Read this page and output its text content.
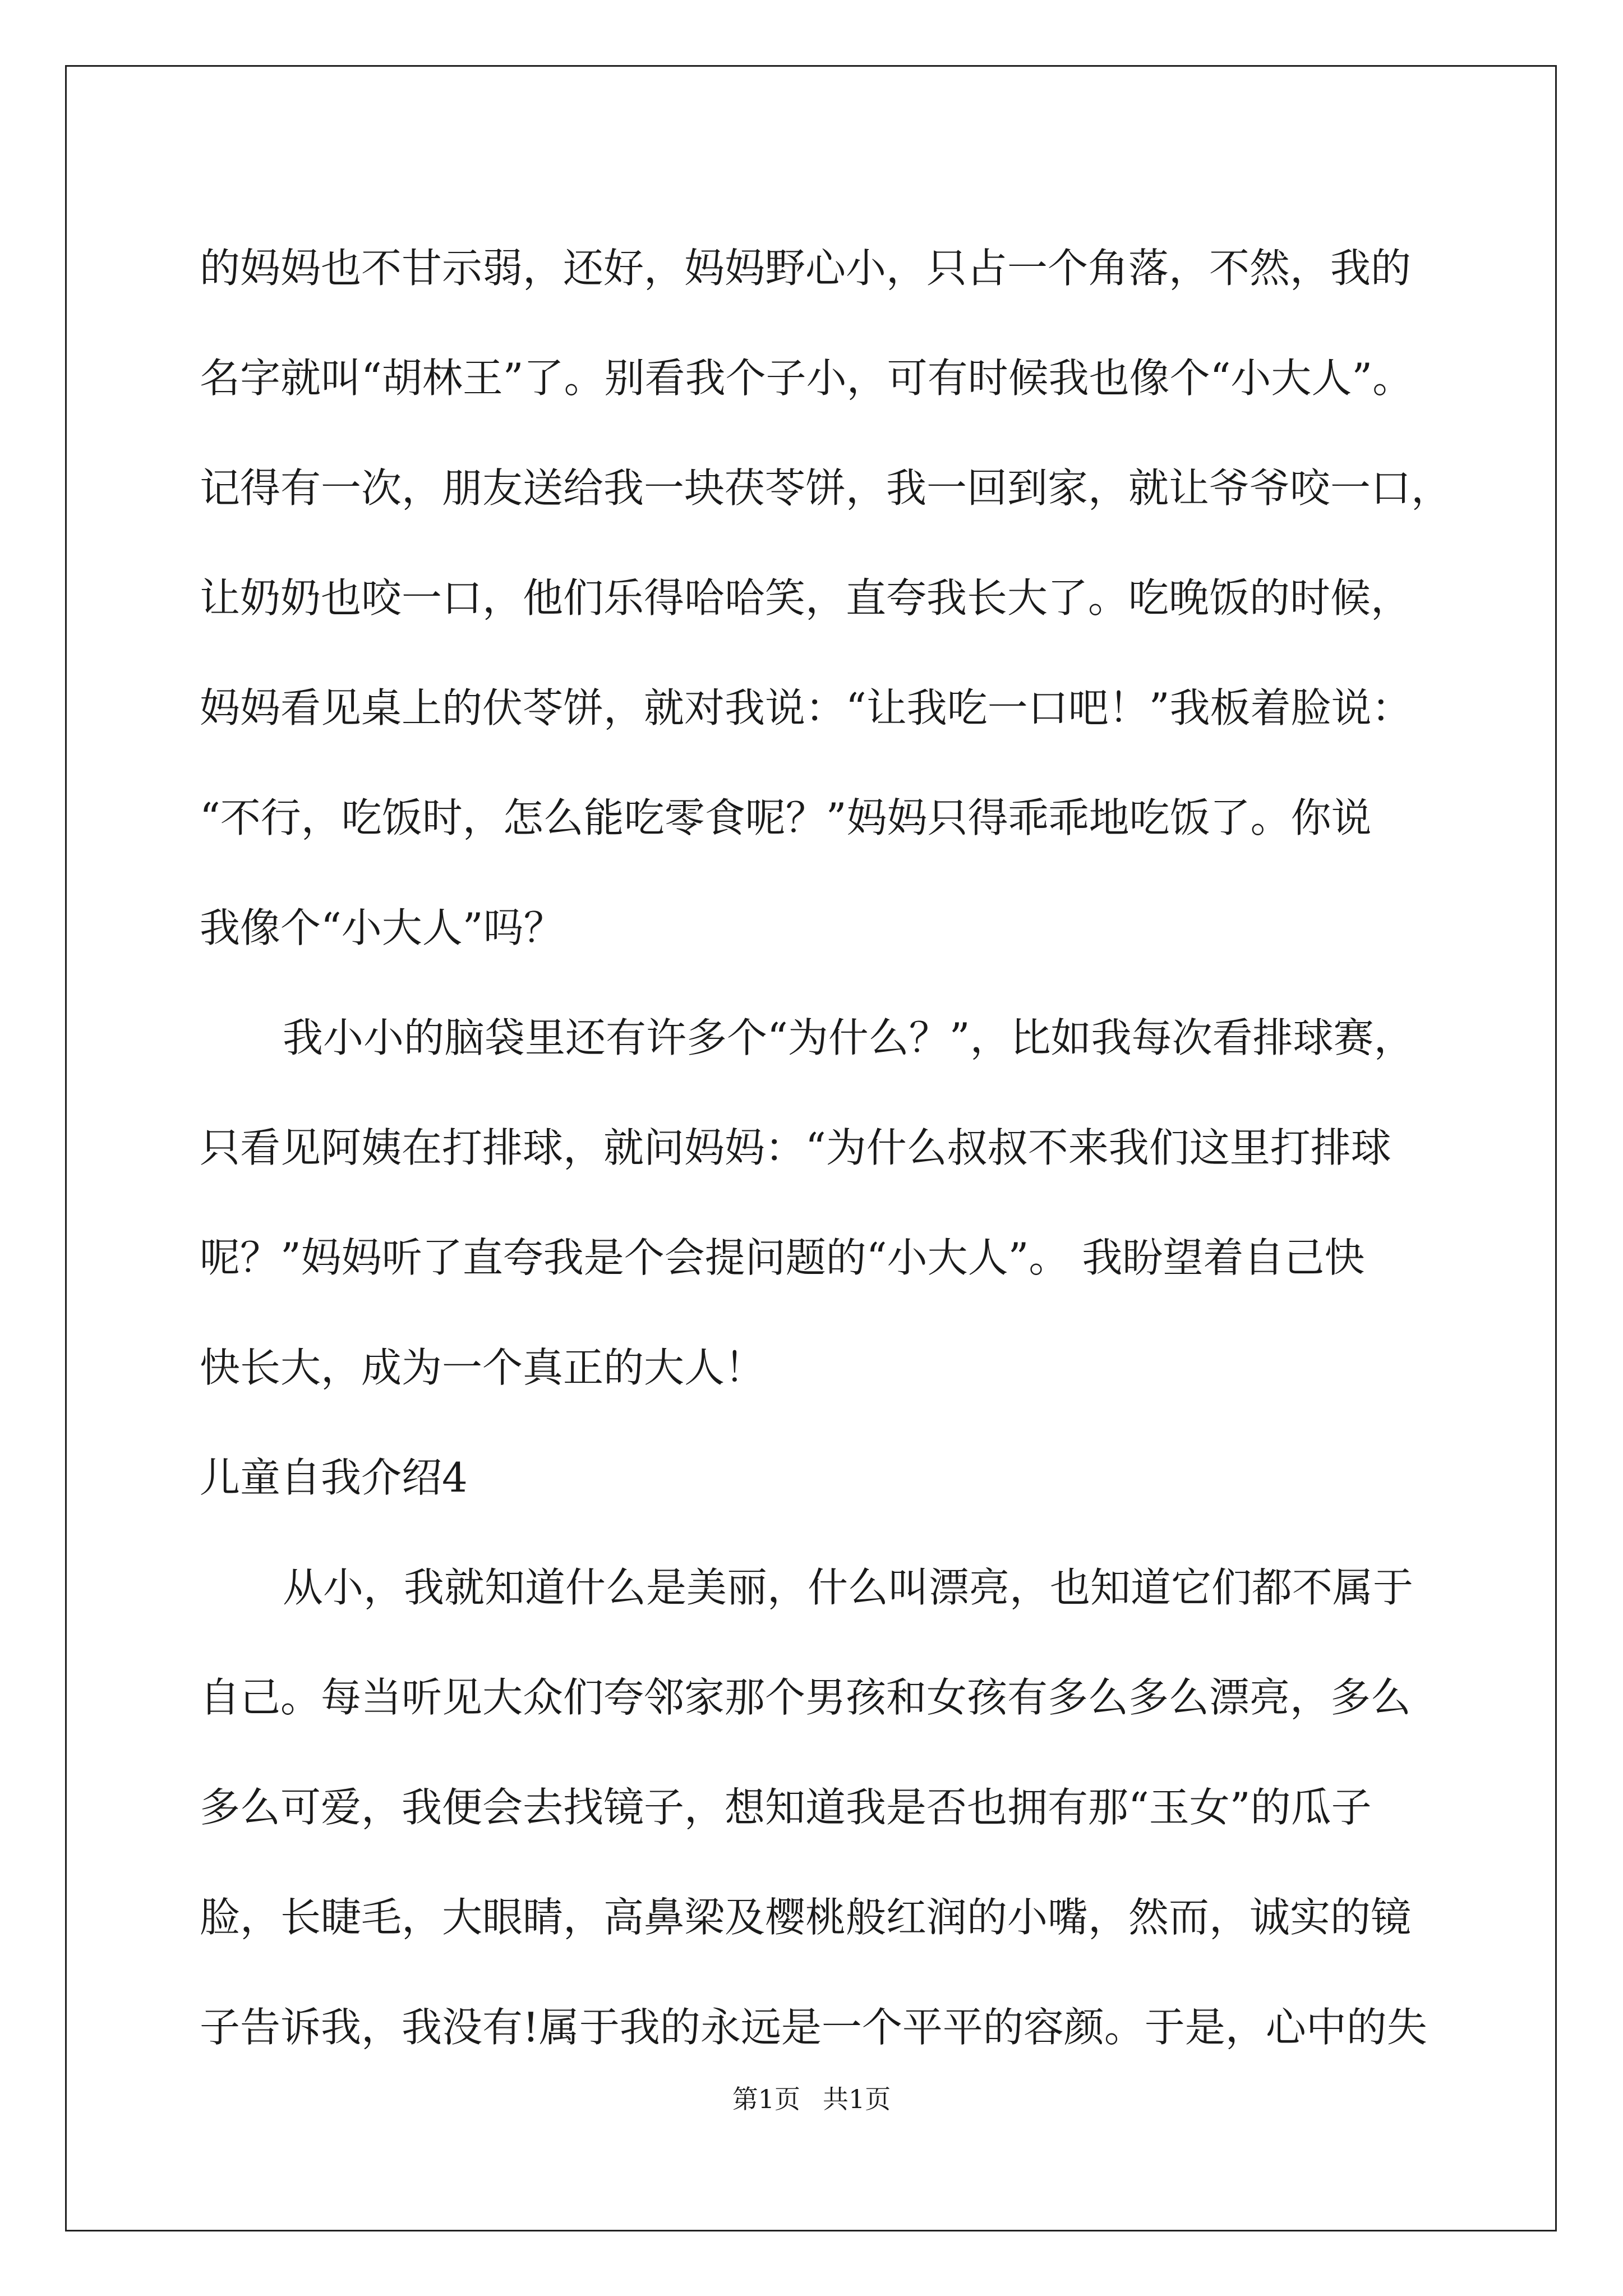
的妈妈也不甘示弱，还好，妈妈野心小，只占一个角落，不然，我的
名字就叫“胡林王”了。别看我个子小，可有时候我也像个“小大人”。
记得有一次，朋友送给我一块茯苓饼，我一回到家，就让爷爷咬一口，
让奶奶也咬一口，他们乐得哈哈笑，直夸我长大了。吃晚饭的时候，
妈妈看见桌上的伏苓饼，就对我说：“让我吃一口吧！”我板着脸说：
“不行，吃饭时，怎么能吃零食呢？”妈妈只得乖乖地吃饭了。你说
我像个“小大人”吗？
我小小的脑袋里还有许多个“为什么？”，比如我每次看排球赛，
只看见阿姨在打排球，就问妈妈：“为什么叔叔不来我们这里打排球
呢？”妈妈听了直夸我是个会提问题的“小大人”。 我盼望着自己快
快长大，成为一个真正的大人！
儿童自我介绍4
从小，我就知道什么是美丽，什么叫漂亮，也知道它们都不属于
自己。每当听见大众们夸邻家那个男孩和女孩有多么多么漂亮，多么
多么可爱，我便会去找镜子，想知道我是否也拥有那“玉女”的瓜子
脸，长睫毛，大眼睛，高鼻梁及樱桃般红润的小嘴，然而，诚实的镜
子告诉我，我没有!属于我的永远是一个平平的容颜。于是，心中的失
第1页 共1页
